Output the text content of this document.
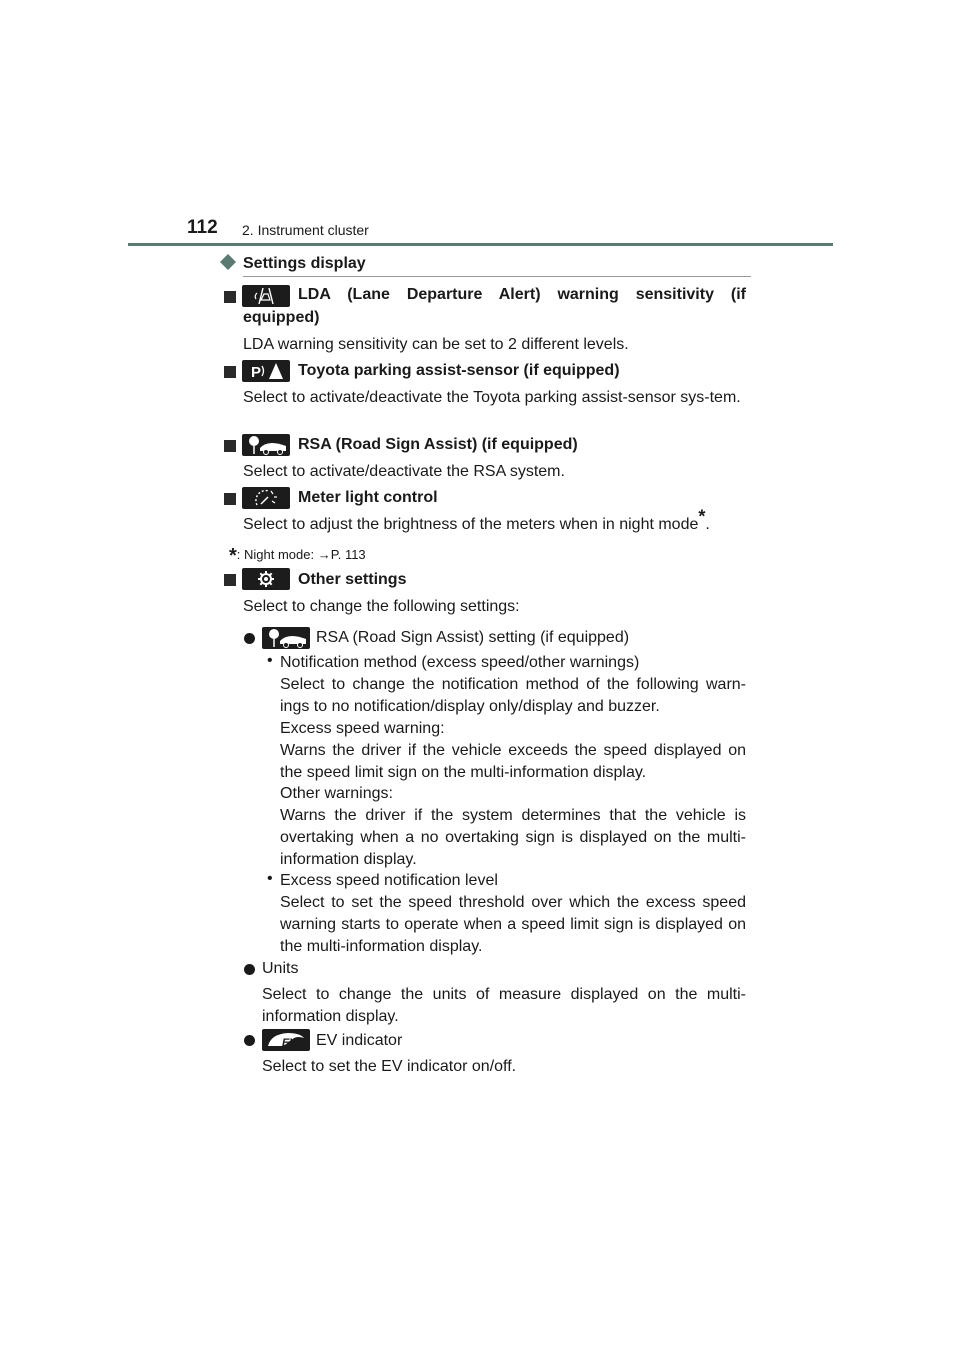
112 2. Instrument cluster
Settings display
LDA (Lane Departure Alert) warning sensitivity (if
equipped)
LDA warning sensitivity can be set to 2 different levels.
P Toyota parking assist-sensor (if equipped)
Select to activate/deactivate the Toyota parking assist-sensor sys-tem.
RSA (Road Sign Assist) (if equipped)
Select to activate/deactivate the RSA system.
Meter light control
Select to adjust the brightness of the meters when in night mode*.
*: Night mode: →P. 113
Other settings
Select to change the following settings:
RSA (Road Sign Assist) setting (if equipped)
• Notification method (excess speed/other warnings)
Select to change the notification method of the following warn-ings to no notification/display only/display and buzzer.
Excess speed warning:
Warns the driver if the vehicle exceeds the speed displayed on the speed limit sign on the multi-information display.
Other warnings:
Warns the driver if the system determines that the vehicle is overtaking when a no overtaking sign is displayed on the multi-information display.
• Excess speed notification level
Select to set the speed threshold over which the excess speed warning starts to operate when a speed limit sign is displayed on the multi-information display.
Units
Select to change the units of measure displayed on the multi-information display.
EV EV indicator
Select to set the EV indicator on/off.
